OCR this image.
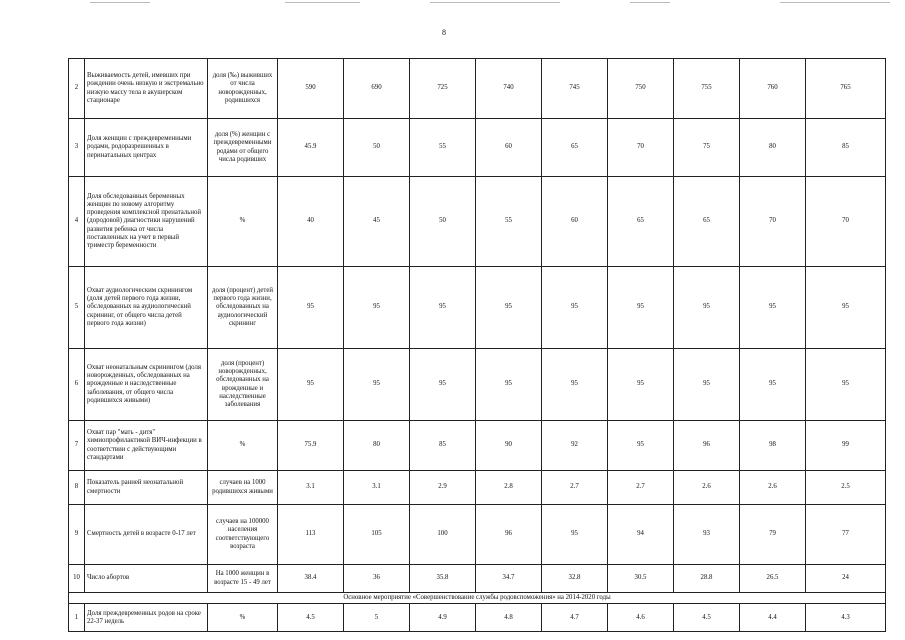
8
2	Выживаемость детей, имевших при рождении очень низкую и экстремально низкую массу тела в акушерском стационаре	доля (‰) выживших от числа новорожденных, родившихся	590	690	725	740	745	750	755	760	765
3	Доля женщин с преждевременными родами, родоразрешенных в перинатальных центрах	доля (%) женщин с преждевременными родами от общего числа родивших	45.9	50	55	60	65	70	75	80	85
4	Доля обследованных беременных женщин по новому алгоритму проведения комплексной пренатальной (дородовой) диагностики нарушений развития ребенка от числа поставленных на учет в первый триместр беременности	%	40	45	50	55	60	65	65	70	70
5	Охват аудиологическим скринингом (доля детей первого года жизни, обследованных на аудиологический скрининг, от общего числа детей первого года жизни)	доля (процент) детей первого года жизни, обследованных на аудиологический скрининг	95	95	95	95	95	95	95	95	95
6	Охват неонатальным скринингом (доля новорожденных, обследованных на врожденные и наследственные заболевания, от общего числа родившихся живыми)	доля (процент) новорожденных, обследованных на врожденные и наследственные заболевания	95	95	95	95	95	95	95	95	95
7	Охват пар "мать - дитя" химиопрофилактикой ВИЧ-инфекции в соответствии с действующими стандартами	%	75.9	80	85	90	92	95	96	98	99
8	Показатель ранней неонатальной смертности	случаев на 1000 родившихся живыми	3.1	3.1	2.9	2.8	2.7	2.7	2.6	2.6	2.5
9	Смертность детей в возрасте 0-17 лет	случаев на 100000 населения соответствующего возраста	113	105	100	96	95	94	93	79	77
10	Число абортов	На 1000 женщин в возрасте 15 - 49 лет	38.4	36	35.8	34.7	32.8	30.5	28.8	26.5	24
Основное мероприятие «Совершенствование службы родовспоможения» на 2014-2020 годы											
1	Доля преждевременных родов на сроке 22-37 недель	%	4.5	5	4.9	4.8	4.7	4.6	4.5	4.4	4.3
